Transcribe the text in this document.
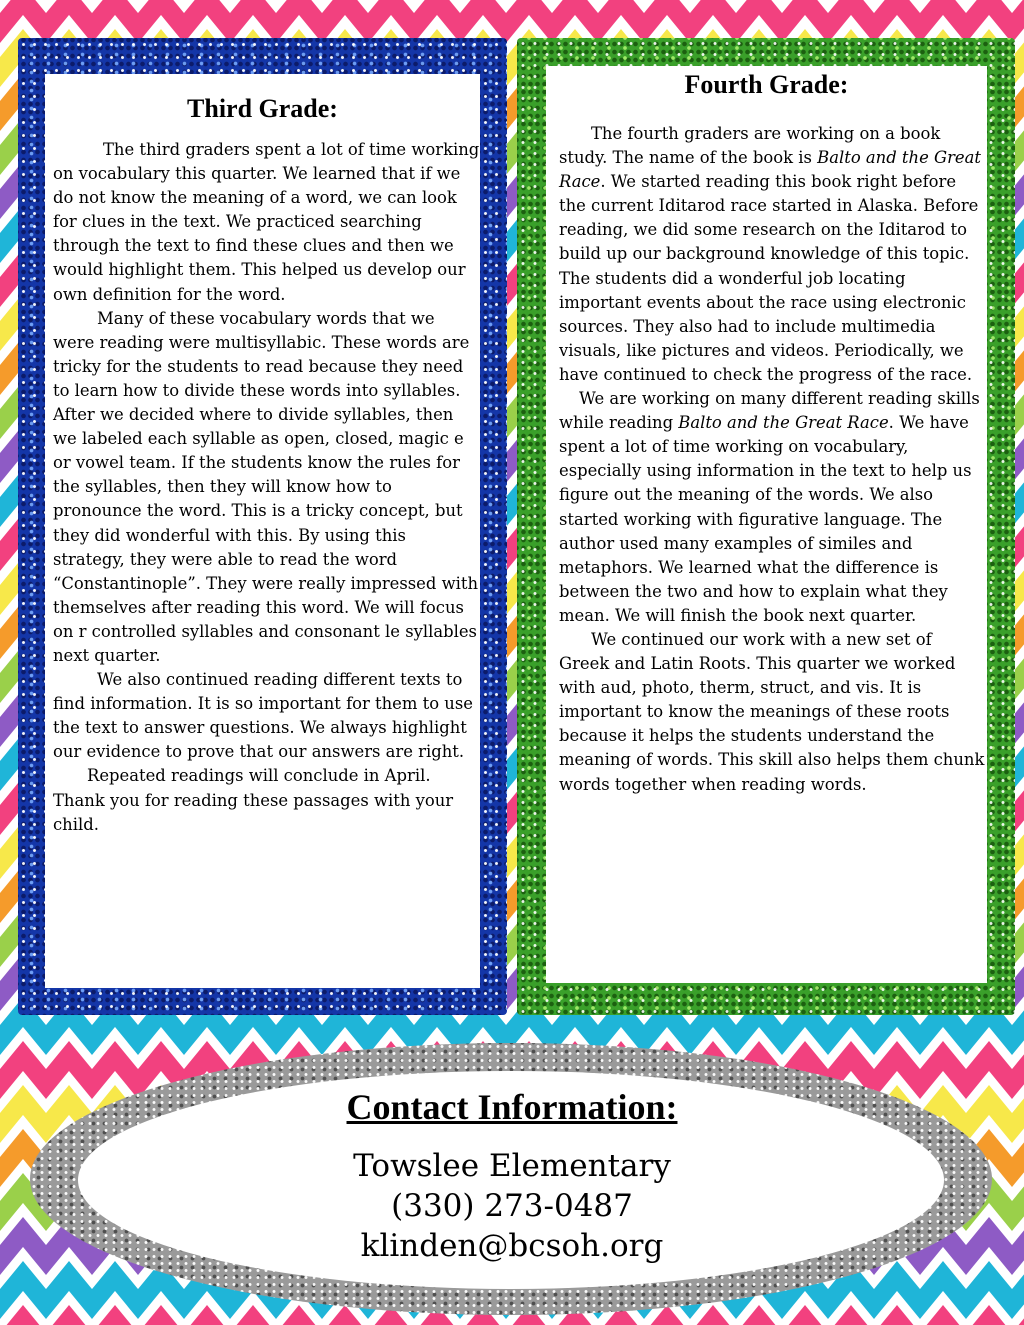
Third Grade:

The third graders spent a lot of time working on vocabulary this quarter. We learned that if we do not know the meaning of a word, we can look for clues in the text. We practiced searching through the text to find these clues and then we would highlight them. This helped us develop our own definition for the word.

Many of these vocabulary words that we were reading were multisyllabic. These words are tricky for the students to read because they need to learn how to divide these words into syllables. After we decided where to divide syllables, then we labeled each syllable as open, closed, magic e or vowel team. If the students know the rules for the syllables, then they will know how to pronounce the word. This is a tricky concept, but they did wonderful with this. By using this strategy, they were able to read the word “Constantinople”. They were really impressed with themselves after reading this word. We will focus on r controlled syllables and consonant le syllables next quarter.

We also continued reading different texts to find information. It is so important for them to use the text to answer questions. We always highlight our evidence to prove that our answers are right.

Repeated readings will conclude in April. Thank you for reading these passages with your child.

Fourth Grade:

The fourth graders are working on a book study. The name of the book is Balto and the Great Race. We started reading this book right before the current Iditarod race started in Alaska. Before reading, we did some research on the Iditarod to build up our background knowledge of this topic. The students did a wonderful job locating important events about the race using electronic sources. They also had to include multimedia visuals, like pictures and videos. Periodically, we have continued to check the progress of the race.

We are working on many different reading skills while reading Balto and the Great Race. We have spent a lot of time working on vocabulary, especially using information in the text to help us figure out the meaning of the words. We also started working with figurative language. The author used many examples of similes and metaphors. We learned what the difference is between the two and how to explain what they mean. We will finish the book next quarter.

We continued our work with a new set of Greek and Latin Roots. This quarter we worked with aud, photo, therm, struct, and vis. It is important to know the meanings of these roots because it helps the students understand the meaning of words. This skill also helps them chunk words together when reading words.

Contact Information:
Towslee Elementary
(330) 273-0487
klinden@bcsoh.org
